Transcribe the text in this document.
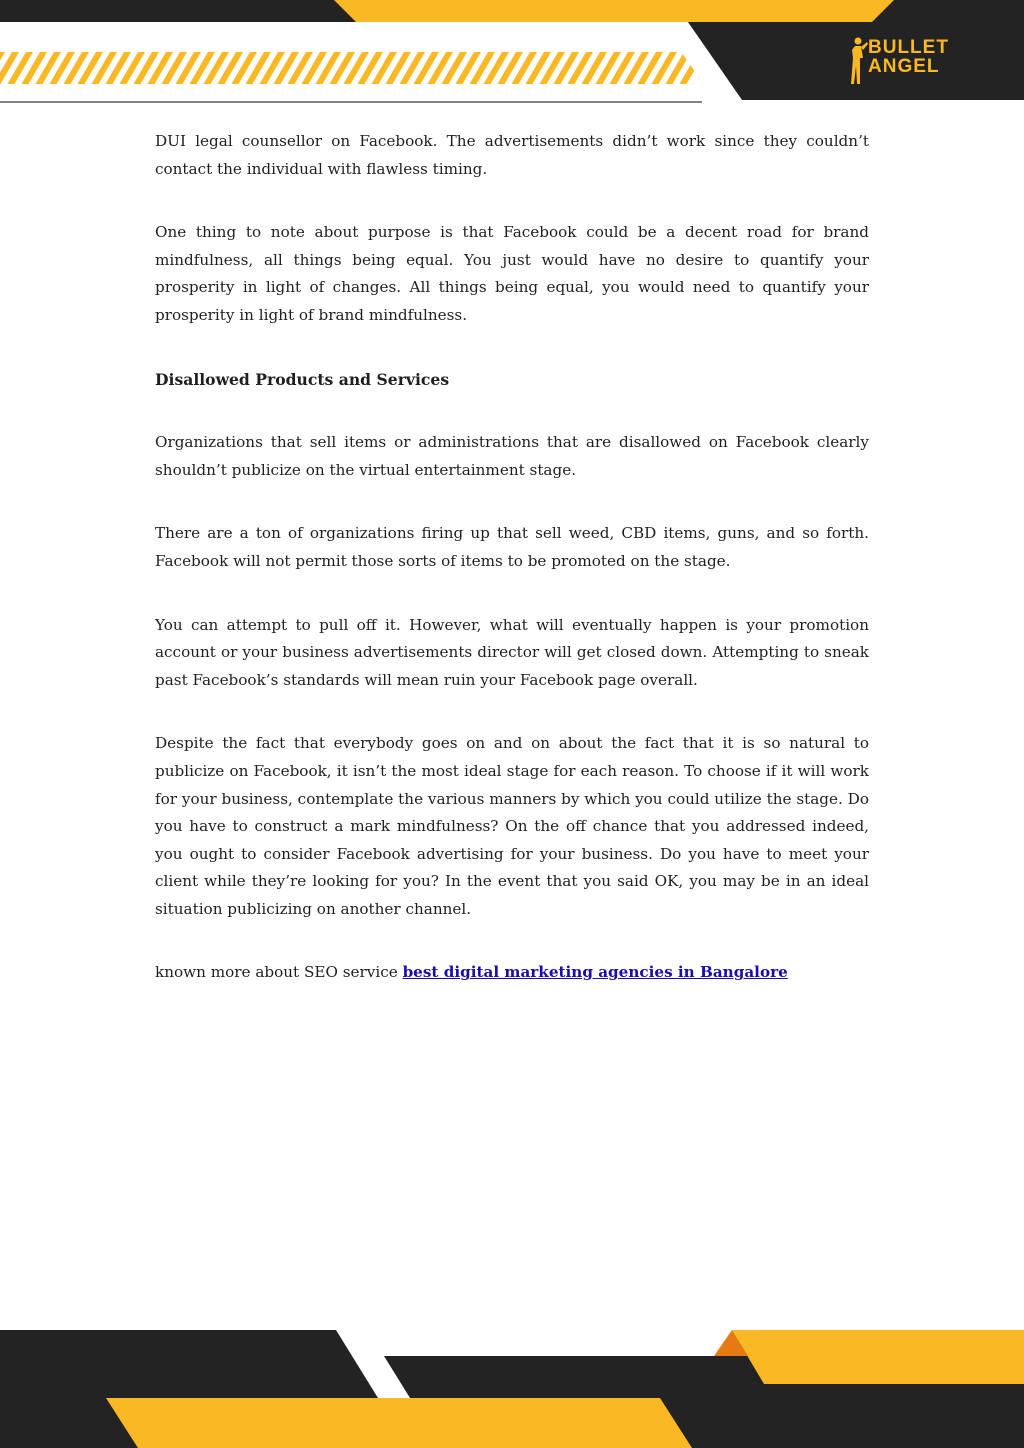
BULLET
ANGEL

DUI legal counsellor on Facebook. The advertisements didn’t work since they couldn’t contact the individual with flawless timing.

One thing to note about purpose is that Facebook could be a decent road for brand mindfulness, all things being equal. You just would have no desire to quantify your prosperity in light of changes. All things being equal, you would need to quantify your prosperity in light of brand mindfulness.

Disallowed Products and Services

Organizations that sell items or administrations that are disallowed on Facebook clearly shouldn’t publicize on the virtual entertainment stage.

There are a ton of organizations firing up that sell weed, CBD items, guns, and so forth. Facebook will not permit those sorts of items to be promoted on the stage.

You can attempt to pull off it. However, what will eventually happen is your promotion account or your business advertisements director will get closed down. Attempting to sneak past Facebook’s standards will mean ruin your Facebook page overall.

Despite the fact that everybody goes on and on about the fact that it is so natural to publicize on Facebook, it isn’t the most ideal stage for each reason. To choose if it will work for your business, contemplate the various manners by which you could utilize the stage. Do you have to construct a mark mindfulness? On the off chance that you addressed indeed, you ought to consider Facebook advertising for your business. Do you have to meet your client while they’re looking for you? In the event that you said OK, you may be in an ideal situation publicizing on another channel.

known more about SEO service best digital marketing agencies in Bangalore
